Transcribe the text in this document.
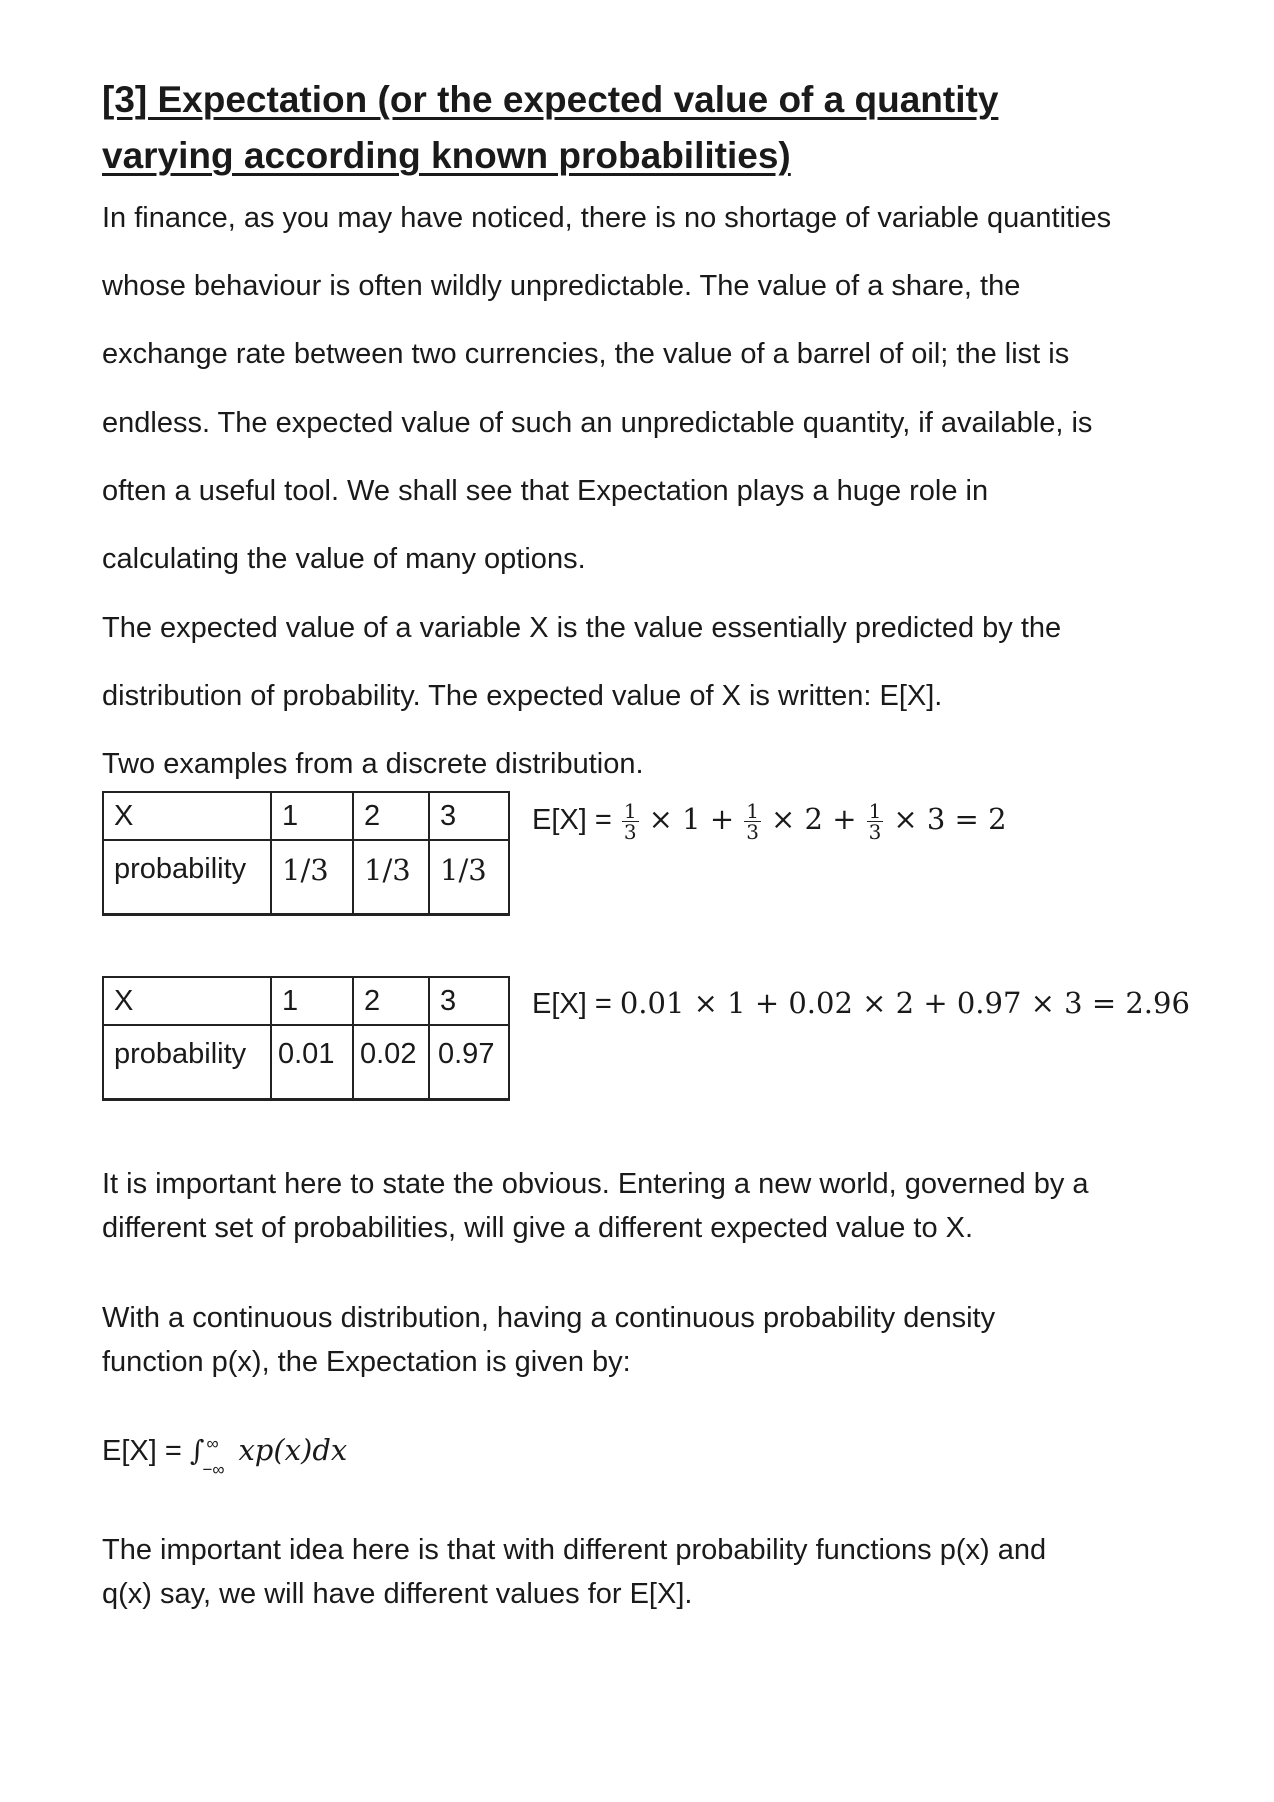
[3] Expectation (or the expected value of a quantity
varying according known probabilities)

In finance, as you may have noticed, there is no shortage of variable quantities

whose behaviour is often wildly unpredictable. The value of a share, the

exchange rate between two currencies, the value of a barrel of oil; the list is

endless. The expected value of such an unpredictable quantity, if available, is

often a useful tool. We shall see that Expectation plays a huge role in

calculating the value of many options.

The expected value of a variable X is the value essentially predicted by the

distribution of probability. The expected value of X is written: E[X].

Two examples from a discrete distribution.

X	1	2	3
probability	1/3	1/3	1/3
$E[X] = \frac{1}{3} \times 1 + \frac{1}{3} \times 2 + \frac{1}{3} \times 3 = 2$
X	1	2	3
probability	0.01	0.02	0.97
E[X] = 0.01 × 1 + 0.02 × 2 + 0.97 × 3 = 2.96

It is important here to state the obvious. Entering a new world, governed by a

different set of probabilities, will give a different expected value to X.

With a continuous distribution, having a continuous probability density

function p(x), the Expectation is given by:

E[X] = ∫ ∞
−∞
xp(x)dx

The important idea here is that with different probability functions p(x) and

q(x) say, we will have different values for E[X].
